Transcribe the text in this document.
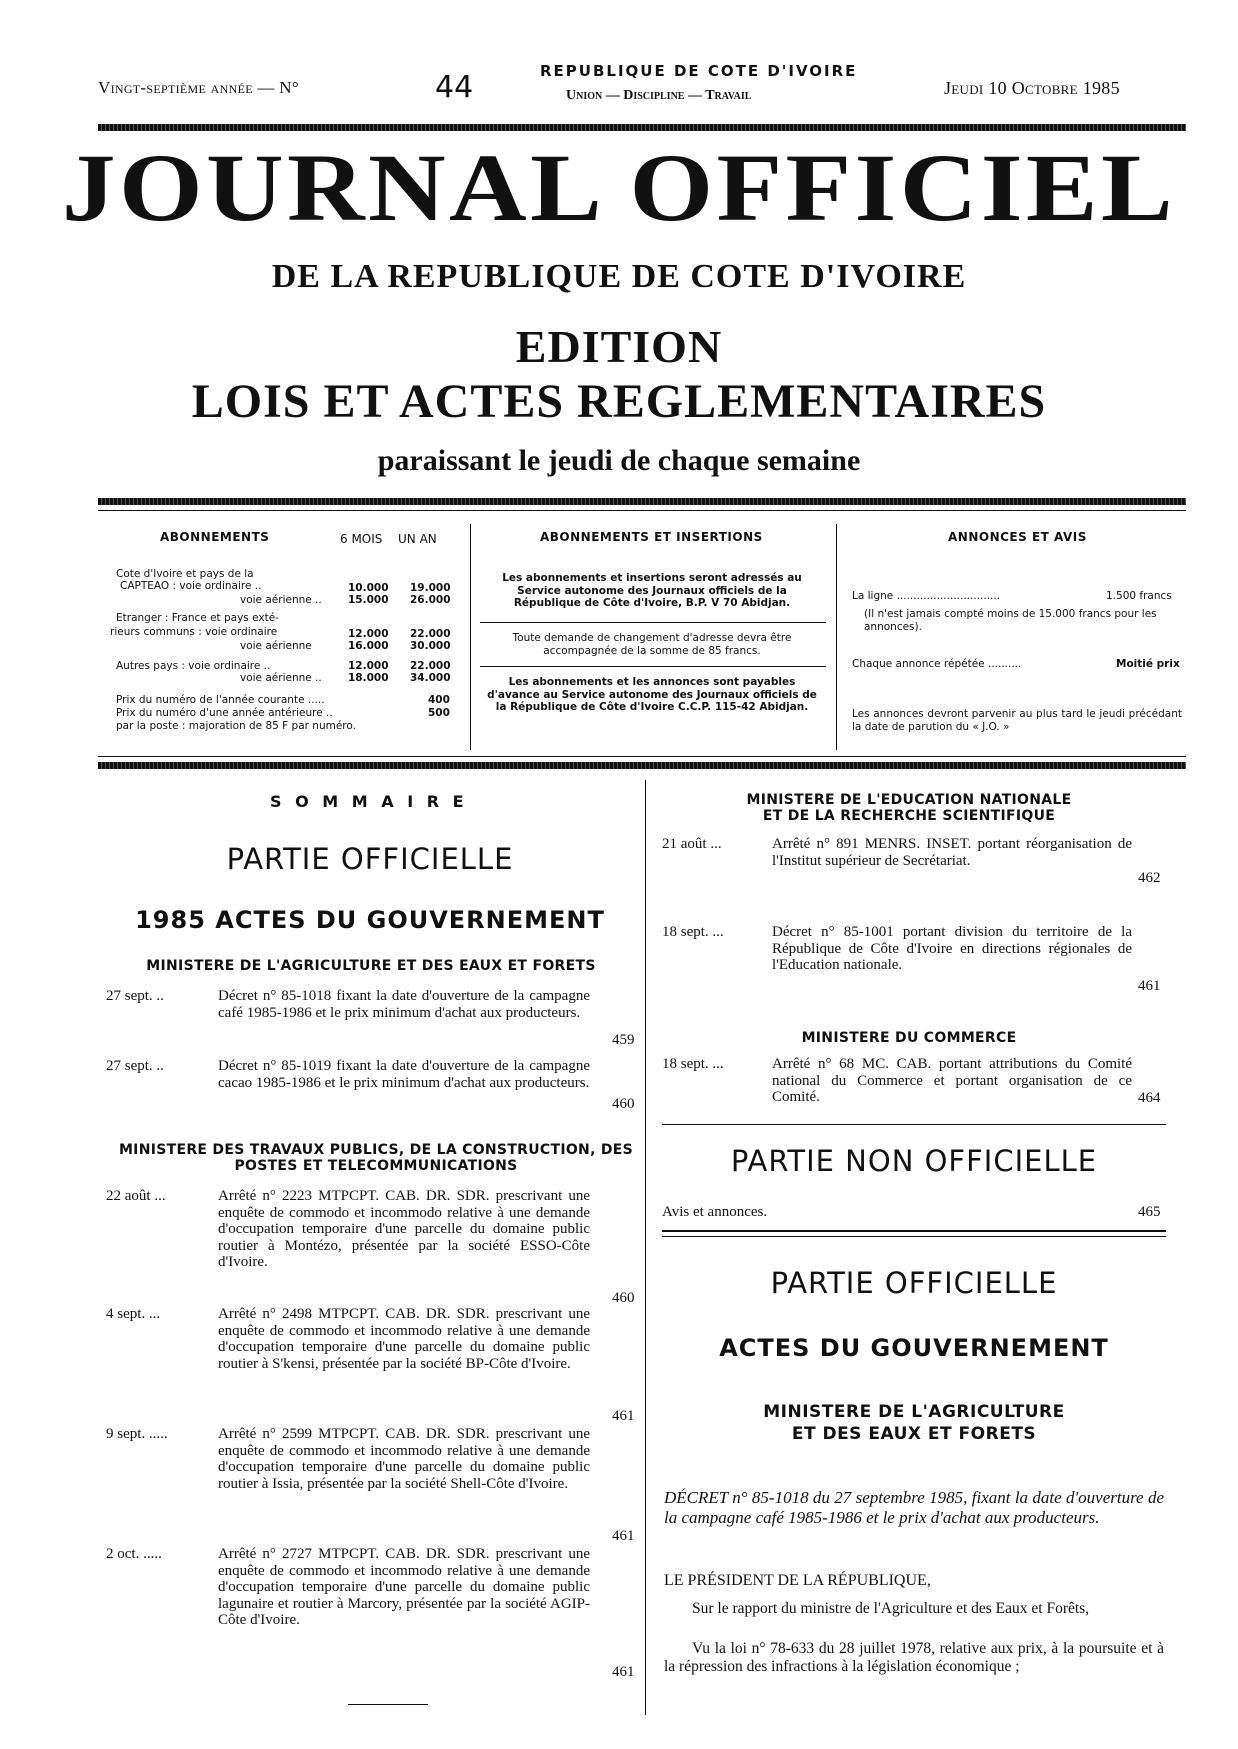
Vingt-septième année — N°	44	REPUBLIQUE DE COTE D'IVOIRE
Union — Discipline — Travail	Jeudi 10 Octobre 1985
JOURNAL OFFICIEL
DE LA REPUBLIQUE DE COTE D'IVOIRE
EDITION
LOIS ET ACTES REGLEMENTAIRES
paraissant le jeudi de chaque semaine
ABONNEMENTS	6 MOIS UN AN
Cote d'Ivoire et pays de la
CAPTEAO : voie ordinaire ..	10.000 19.000
voie aérienne ..	15.000 26.000
Etranger : France et pays exté-
rieurs communs : voie ordinaire	12.000 22.000
voie aérienne	16.000 30.000
Autres pays : voie ordinaire ..	12.000 22.000
voie aérienne ..	18.000 34.000
Prix du numéro de l'année courante .....	400
Prix du numéro d'une année antérieure ..	500
par la poste : majoration de 85 F par numéro.
ABONNEMENTS ET INSERTIONS
Les abonnements et insertions seront adressés au Service autonome des Journaux officiels de la République de Côte d'Ivoire, B.P. V 70 Abidjan.
Toute demande de changement d'adresse devra être accompagnée de la somme de 85 francs.
Les abonnements et les annonces sont payables d'avance au Service autonome des Journaux officiels de la République de Côte d'Ivoire C.C.P. 115-42 Abidjan.
ANNONCES ET AVIS
La ligne ...............................	1.500 francs
(Il n'est jamais compté moins de 15.000 francs pour les annonces).
Chaque annonce répétée ..........	Moitié prix
Les annonces devront parvenir au plus tard le jeudi précédant la date de parution du « J.O. »
S O M M A I R E
PARTIE OFFICIELLE
1985 ACTES DU GOUVERNEMENT
MINISTERE DE L'AGRICULTURE ET DES EAUX ET FORETS
27 sept. ..	Décret n° 85-1018 fixant la date d'ouverture de la campagne café 1985-1986 et le prix minimum d'achat aux producteurs.
459
27 sept. ..	Décret n° 85-1019 fixant la date d'ouverture de la campagne cacao 1985-1986 et le prix minimum d'achat aux producteurs.
460
MINISTERE DES TRAVAUX PUBLICS, DE LA CONSTRUCTION, DES POSTES ET TELECOMMUNICATIONS
22 août ...	Arrêté n° 2223 MTPCPT. CAB. DR. SDR. prescrivant une enquête de commodo et incommodo relative à une demande d'occupation temporaire d'une parcelle du domaine public routier à Montézo, présentée par la société ESSO-Côte d'Ivoire.
460
4 sept. ...	Arrêté n° 2498 MTPCPT. CAB. DR. SDR. prescrivant une enquête de commodo et incommodo relative à une demande d'occupation temporaire d'une parcelle du domaine public routier à S'kensi, présentée par la société BP-Côte d'Ivoire.
461
9 sept. .....	Arrêté n° 2599 MTPCPT. CAB. DR. SDR. prescrivant une enquête de commodo et incommodo relative à une demande d'occupation temporaire d'une parcelle du domaine public routier à Issia, présentée par la société Shell-Côte d'Ivoire.
461
2 oct. .....	Arrêté n° 2727 MTPCPT. CAB. DR. SDR. prescrivant une enquête de commodo et incommodo relative à une demande d'occupation temporaire d'une parcelle du domaine public lagunaire et routier à Marcory, présentée par la société AGIP-Côte d'Ivoire.
461
MINISTERE DE L'EDUCATION NATIONALE ET DE LA RECHERCHE SCIENTIFIQUE
21 août ...	Arrêté n° 891 MENRS. INSET. portant réorganisation de l'Institut supérieur de Secrétariat.
462
18 sept. ...	Décret n° 85-1001 portant division du territoire de la République de Côte d'Ivoire en directions régionales de l'Education nationale.
461
MINISTERE DU COMMERCE
18 sept. ...	Arrêté n° 68 MC. CAB. portant attributions du Comité national du Commerce et portant organisation de ce Comité.	464
PARTIE NON OFFICIELLE
Avis et annonces.	465
PARTIE OFFICIELLE
ACTES DU GOUVERNEMENT
MINISTERE DE L'AGRICULTURE
ET DES EAUX ET FORETS
DÉCRET n° 85-1018 du 27 septembre 1985, fixant la date d'ouverture de la campagne café 1985-1986 et le prix d'achat aux producteurs.
LE PRÉSIDENT DE LA RÉPUBLIQUE,
Sur le rapport du ministre de l'Agriculture et des Eaux et Forêts,
Vu la loi n° 78-633 du 28 juillet 1978, relative aux prix, à la poursuite et à la répression des infractions à la législation économique ;
